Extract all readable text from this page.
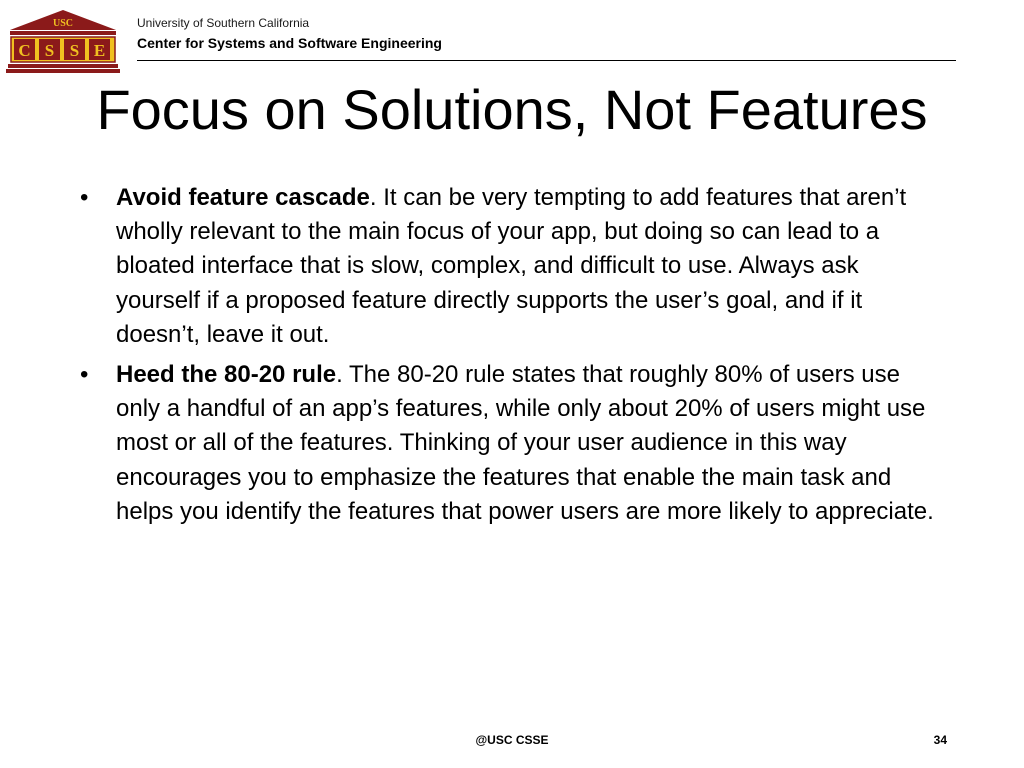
USC
C S S E
University of Southern California
Center for Systems and Software Engineering
Focus on Solutions, Not Features
• Avoid feature cascade. It can be very tempting to add features that aren’t wholly relevant to the main focus of your app, but doing so can lead to a bloated interface that is slow, complex, and difficult to use. Always ask yourself if a proposed feature directly supports the user’s goal, and if it doesn’t, leave it out.
• Heed the 80-20 rule. The 80-20 rule states that roughly 80% of users use only a handful of an app’s features, while only about 20% of users might use most or all of the features. Thinking of your user audience in this way encourages you to emphasize the features that enable the main task and helps you identify the features that power users are more likely to appreciate.
@USC CSSE	34
